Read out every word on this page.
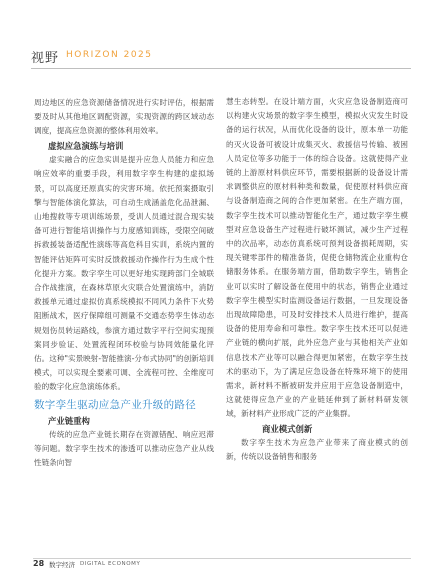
视野 HORIZON 2025

周边地区的应急资源储备情况进行实时评估，根据需要及时从其他地区调配资源，实现资源的跨区域动态调度，提高应急资源的整体利用效率。

虚拟应急演练与培训

虚实融合的应急实训是提升应急人员能力和应急响应效率的重要手段，利用数字孪生构建的虚拟场景，可以高度还原真实的灾害环境。依托预案摄取引擎与智能体演化算法，可自动生成涵盖危化品泄漏、山地搜救等专项训练场景，受训人员通过混合现实装备可进行智能培训操作与力度感知训练，受限空间破拆救援装备适配性演练等高危科目实训，系统内置的智能评估矩阵可实时反馈救援动作操作行为生成个性化提升方案。数字孪生可以更好地实现跨部门全城联合作战推演，在森林草原火灾联合处置演练中，消防救援单元通过虚拟仿真系统模拟不同风力条件下火势阻断战术，医疗保障组可测量不交通态势孪生体动态规划伤员转运路线，参演方通过数字平行空间实现预案同步验证、处置流程闭环校验与协同效能量化评估。这种"实景映射-智能推演-分布式协同"的创新培训模式，可以实现全要素可调、全流程可控、全维度可验的数字化应急演练体系。

数字孪生驱动应急产业升级的路径
产业链重构

传统的应急产业链长期存在资源错配、响应迟滞等问题。数字孪生技术的渗透可以推动应急产业从线性链条向智

慧生态转型。在设计端方面，火灾应急设备制造商可以构建火灾场景的数字孪生模型，模拟火灾发生时设备的运行状况，从而优化设备的设计，原本单一功能的灭火设备可被设计成集灭火、救援信号传输、被困人员定位等多功能于一体的综合设备。这就使得产业链的上游原材料供应环节，需要根据新的设备设计需求调整供应的原材料种类和数量，促使原材料供应商与设备制造商之间的合作更加紧密。在生产端方面，数字孪生技术可以推动智能化生产，通过数字孪生模型对应急设备生产过程进行破坏测试，减少生产过程中的次品率，动态仿真系统可预判设备损耗周期，实现关键零部件的精准备货，促使仓储物流企业重构仓储服务体系。在服务端方面，借助数字孪生，销售企业可以实时了解设备在使用中的状态，销售企业通过数字孪生模型实时监测设备运行数据，一旦发现设备出现故障隐患，可及时安排技术人员进行维护，提高设备的使用寿命和可靠性。数字孪生技术还可以促进产业链的横向扩展，此外应急产业与其他相关产业如信息技术产业等可以融合得更加紧密，在数字孪生技术的驱动下，为了满足应急设备在特殊环境下的使用需求，新材料不断被研发并应用于应急设备制造中，这就使得应急产业的产业链延伸到了新材料研发领域，新材料产业形成广泛的产业集群。

商业模式创新

数字孪生技术为应急产业带来了商业模式的创新，传统以设备销售和服务

28 数字经济 DIGITAL ECONOMY
